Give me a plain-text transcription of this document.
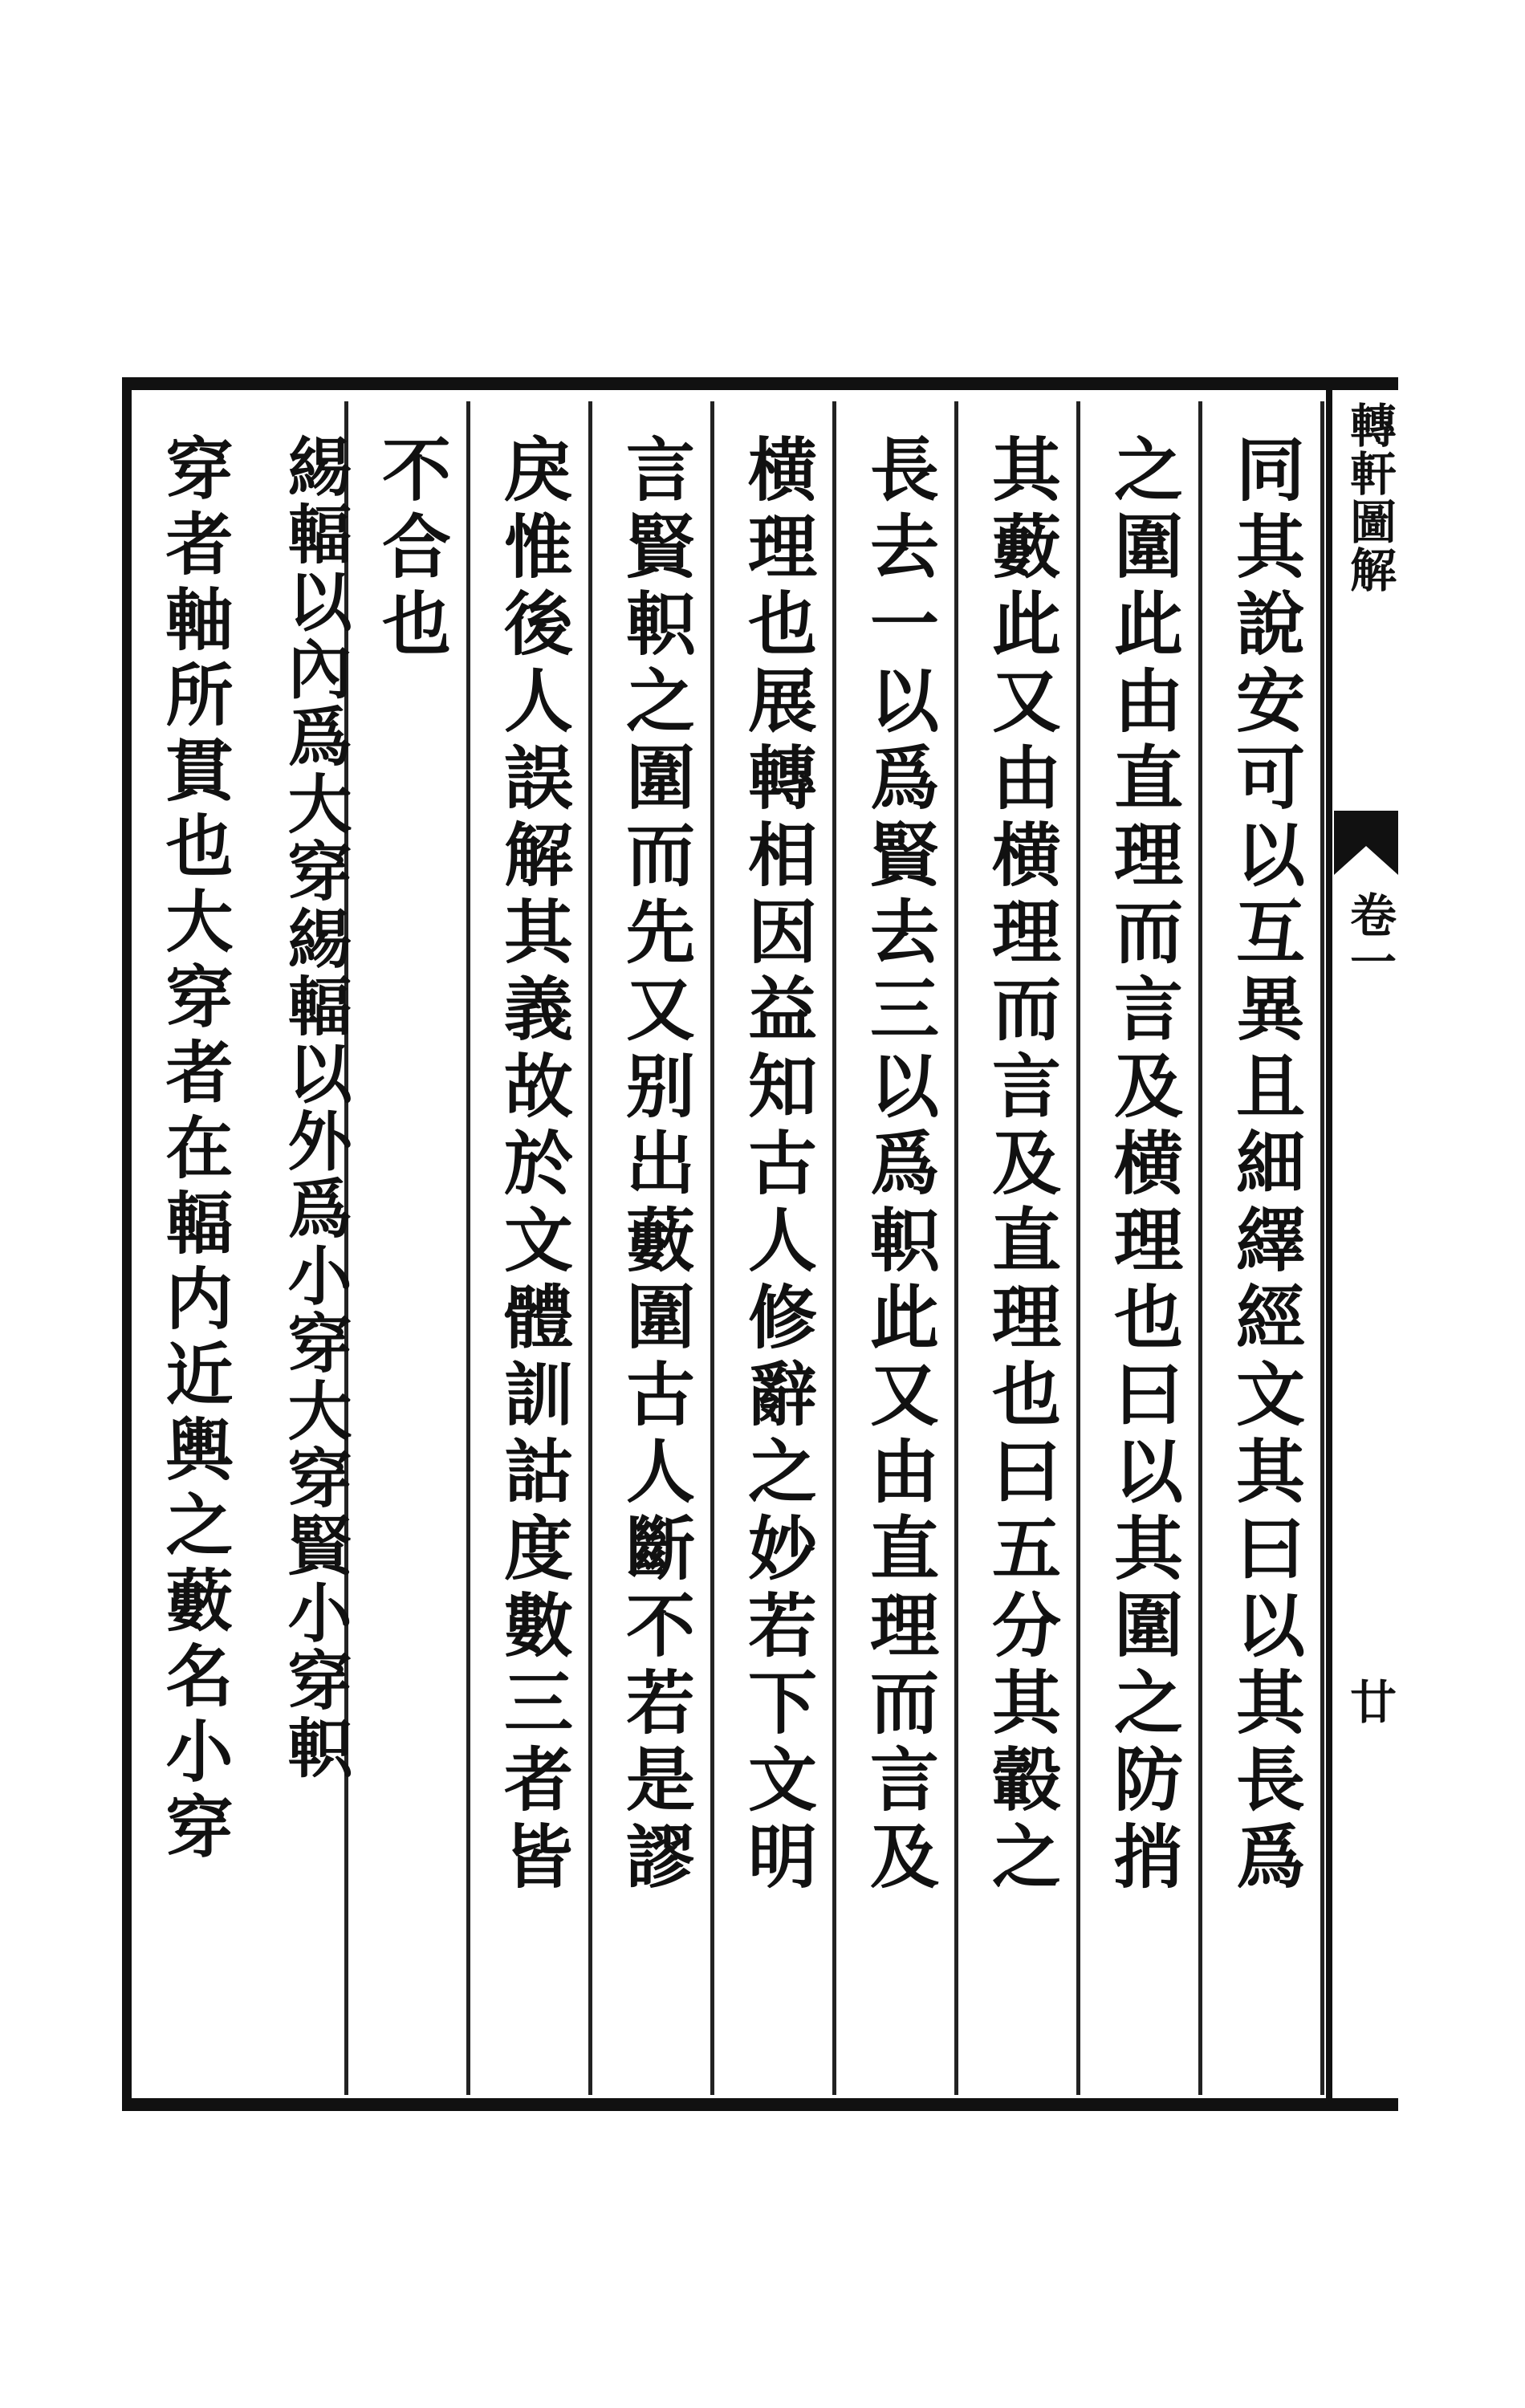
轉軒圖解
卷一
廿
同其說安可以互異且細繹經文其曰以其長爲
之圍此由直理而言及横理也曰以其圍之防捎
其藪此又由横理而言及直理也曰五分其轂之
長去一以爲賢去三以爲軹此又由直理而言及
横理也展轉相因益知古人修辭之妙若下文明
言賢軹之圍而先又别出藪圍古人斷不若是謬
戾惟後人誤解其義故於文體訓詁度數三者皆
不合也
緆輻以內爲大穿緆輻以外爲小穿大穿賢小穿軹
穿者軸所貫也大穿者在輻内近輿之藪名小穿
